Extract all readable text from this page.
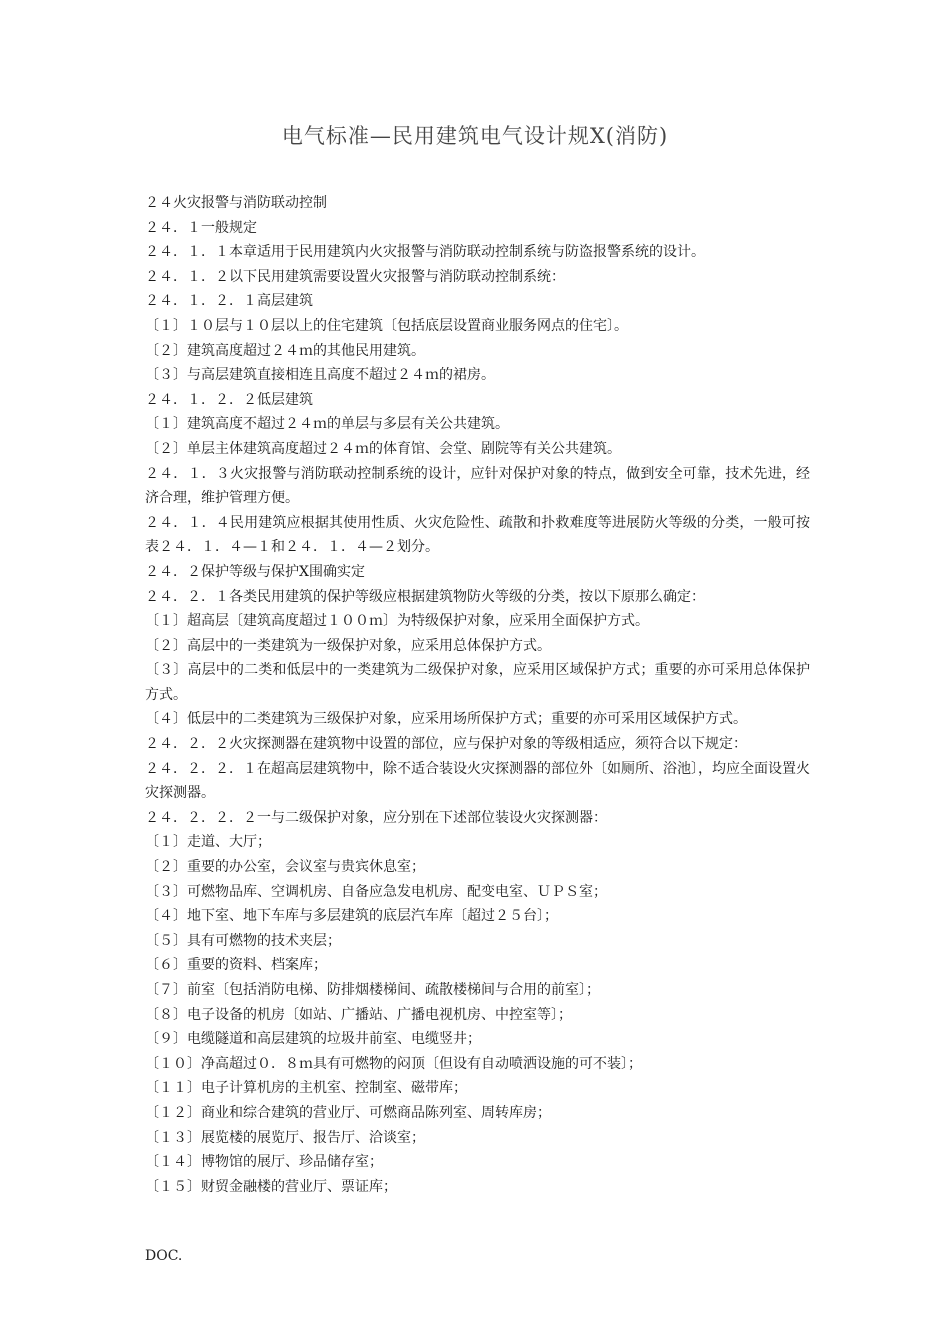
电气标准—民用建筑电气设计规X(消防)

２４火灾报警与消防联动控制

２４．１一般规定

２４．１．１本章适用于民用建筑内火灾报警与消防联动控制系统与防盗报警系统的设计。

２４．１．２以下民用建筑需要设置火灾报警与消防联动控制系统：

２４．１．２．１高层建筑

〔１〕１０层与１０层以上的住宅建筑〔包括底层设置商业服务网点的住宅〕。

〔２〕建筑高度超过２４ｍ的其他民用建筑。

〔３〕与高层建筑直接相连且高度不超过２４ｍ的裙房。

２４．１．２．２低层建筑

〔１〕建筑高度不超过２４ｍ的单层与多层有关公共建筑。

〔２〕单层主体建筑高度超过２４ｍ的体育馆、会堂、剧院等有关公共建筑。

２４．１．３火灾报警与消防联动控制系统的设计，应针对保护对象的特点，做到安全可靠，技术先进，经济合理，维护管理方便。

２４．１．４民用建筑应根据其使用性质、火灾危险性、疏散和扑救难度等进展防火等级的分类，一般可按表２４．１．４—１和２４．１．４—２划分。

２４．２保护等级与保护X围确实定

２４．２．１各类民用建筑的保护等级应根据建筑物防火等级的分类，按以下原那么确定：

〔１〕超高层〔建筑高度超过１００ｍ〕为特级保护对象，应采用全面保护方式。

〔２〕高层中的一类建筑为一级保护对象，应采用总体保护方式。

〔３〕高层中的二类和低层中的一类建筑为二级保护对象，应采用区域保护方式；重要的亦可采用总体保护方式。

〔４〕低层中的二类建筑为三级保护对象，应采用场所保护方式；重要的亦可采用区域保护方式。

２４．２．２火灾探测器在建筑物中设置的部位，应与保护对象的等级相适应，须符合以下规定：

２４．２．２．１在超高层建筑物中，除不适合装设火灾探测器的部位外〔如厕所、浴池〕，均应全面设置火灾探测器。

２４．２．２．２一与二级保护对象，应分别在下述部位装设火灾探测器：

〔１〕走道、大厅；

〔２〕重要的办公室，会议室与贵宾休息室；

〔３〕可燃物品库、空调机房、自备应急发电机房、配变电室、ＵＰＳ室；

〔４〕地下室、地下车库与多层建筑的底层汽车库〔超过２５台〕；

〔５〕具有可燃物的技术夹层；

〔６〕重要的资料、档案库；

〔７〕前室〔包括消防电梯、防排烟楼梯间、疏散楼梯间与合用的前室〕；

〔８〕电子设备的机房〔如站、广播站、广播电视机房、中控室等〕；

〔９〕电缆隧道和高层建筑的垃圾井前室、电缆竖井；

〔１０〕净高超过０．８ｍ具有可燃物的闷顶〔但设有自动喷洒设施的可不装〕；

〔１１〕电子计算机房的主机室、控制室、磁带库；

〔１２〕商业和综合建筑的营业厅、可燃商品陈列室、周转库房；

〔１３〕展览楼的展览厅、报告厅、洽谈室；

〔１４〕博物馆的展厅、珍品储存室；

〔１５〕财贸金融楼的营业厅、票证库；

DOC.
